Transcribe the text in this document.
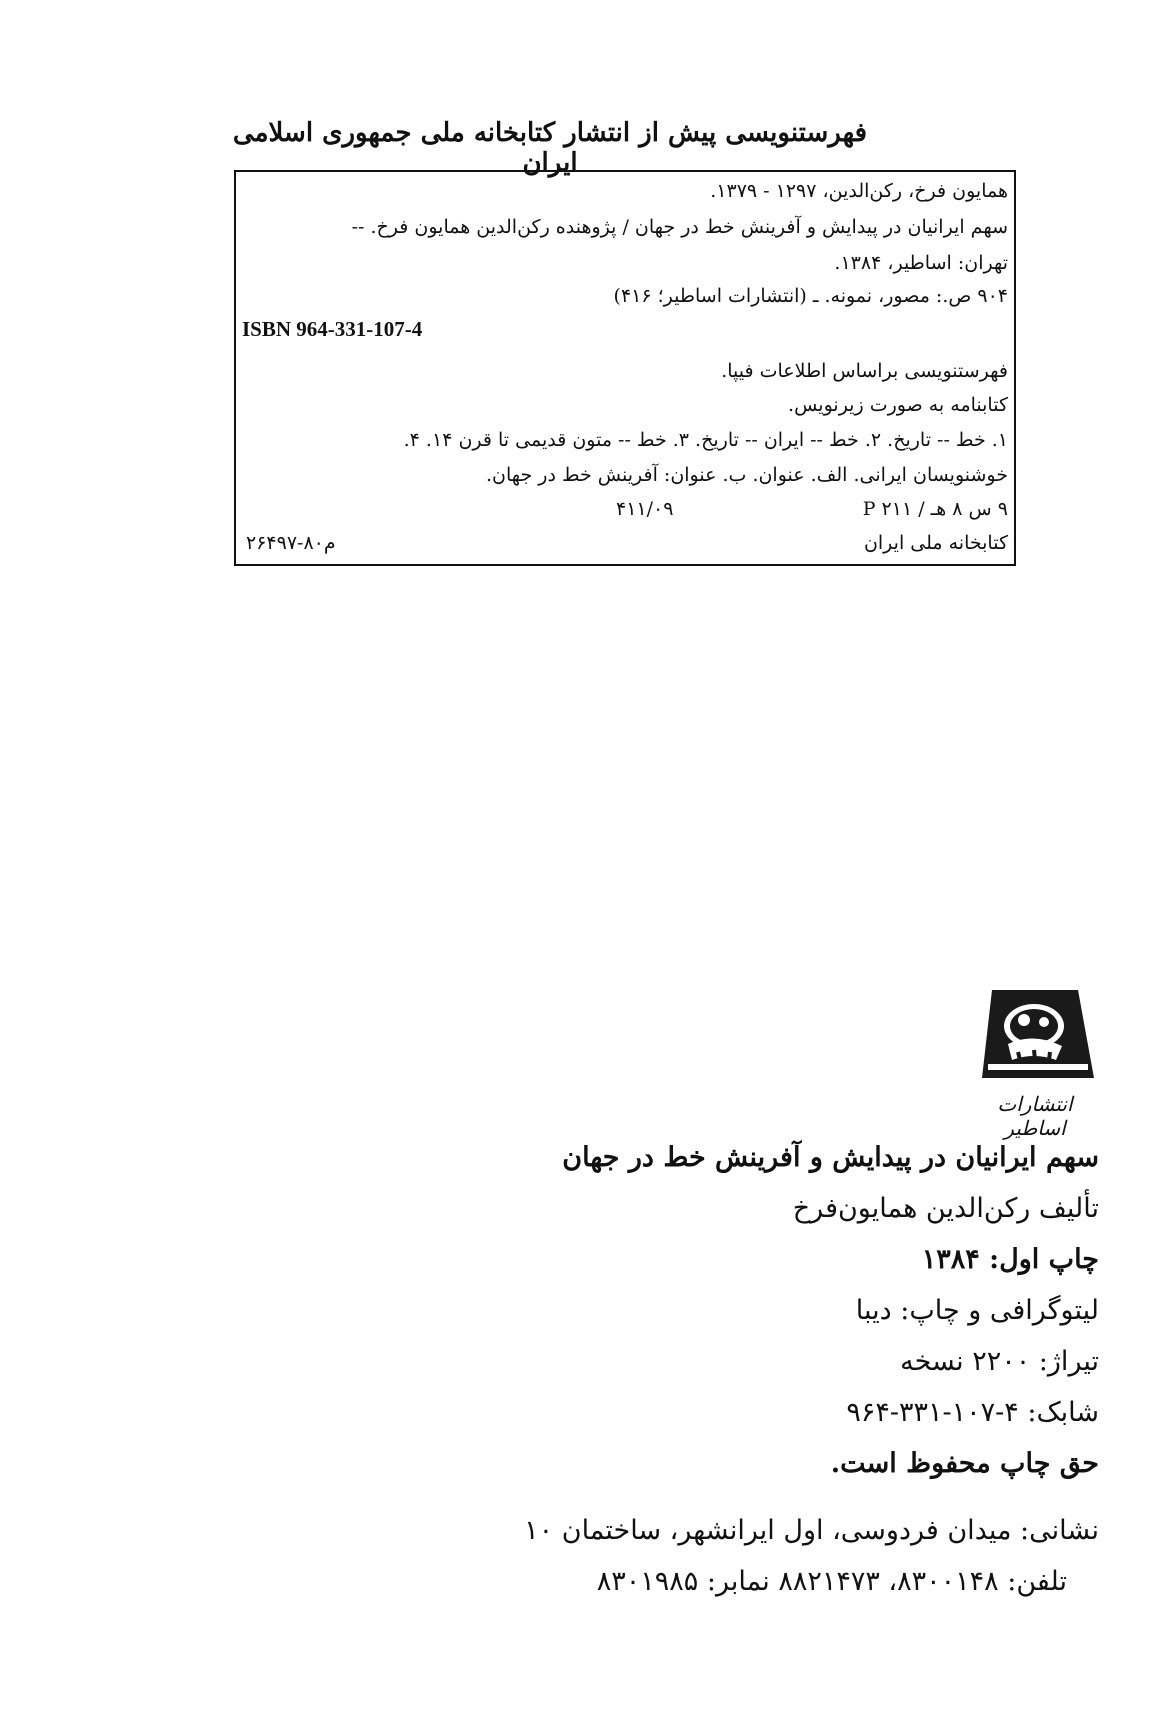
فهرستنویسی پیش از انتشار کتابخانه ملی جمهوری اسلامی ایران
همایون فرخ، رکن‌الدین، ۱۲۹۷ - ۱۳۷۹.
سهم ایرانیان در پیدایش و آفرینش خط در جهان / پژوهنده رکن‌الدین همایون فرخ. --
تهران: اساطیر، ۱۳۸۴.
۹۰۴ ص.: مصور، نمونه. ـ (انتشارات اساطیر؛ ۴۱۶)
ISBN 964-331-107-4
فهرستنویسی براساس اطلاعات فیپا.
کتابنامه به صورت زیرنویس.
۱. خط -- تاریخ. ۲. خط -- ایران -- تاریخ. ۳. خط -- متون قدیمی تا قرن ۱۴. ۴.
خوشنویسان ایرانی. الف. عنوان. ب. عنوان: آفرینش خط در جهان.
۹ س ۸ هـ / P ۲۱۱
۴۱۱/۰۹
کتابخانه ملی ایران
م۸۰-۲۶۴۹۷
انتشارات اساطیر
سهم ایرانیان در پیدایش و آفرینش خط در جهان
تألیف رکن‌الدین همایون‌فرخ
چاپ اول: ۱۳۸۴
لیتوگرافی و چاپ: دیبا
تیراژ: ۲۲۰۰ نسخه
شابک: ۴-۱۰۷-۳۳۱-۹۶۴
حق چاپ محفوظ است.
نشانی: میدان فردوسی، اول ایرانشهر، ساختمان ۱۰
تلفن: ۸۳۰۰۱۴۸، ۸۸۲۱۴۷۳ نمابر: ۸۳۰۱۹۸۵
